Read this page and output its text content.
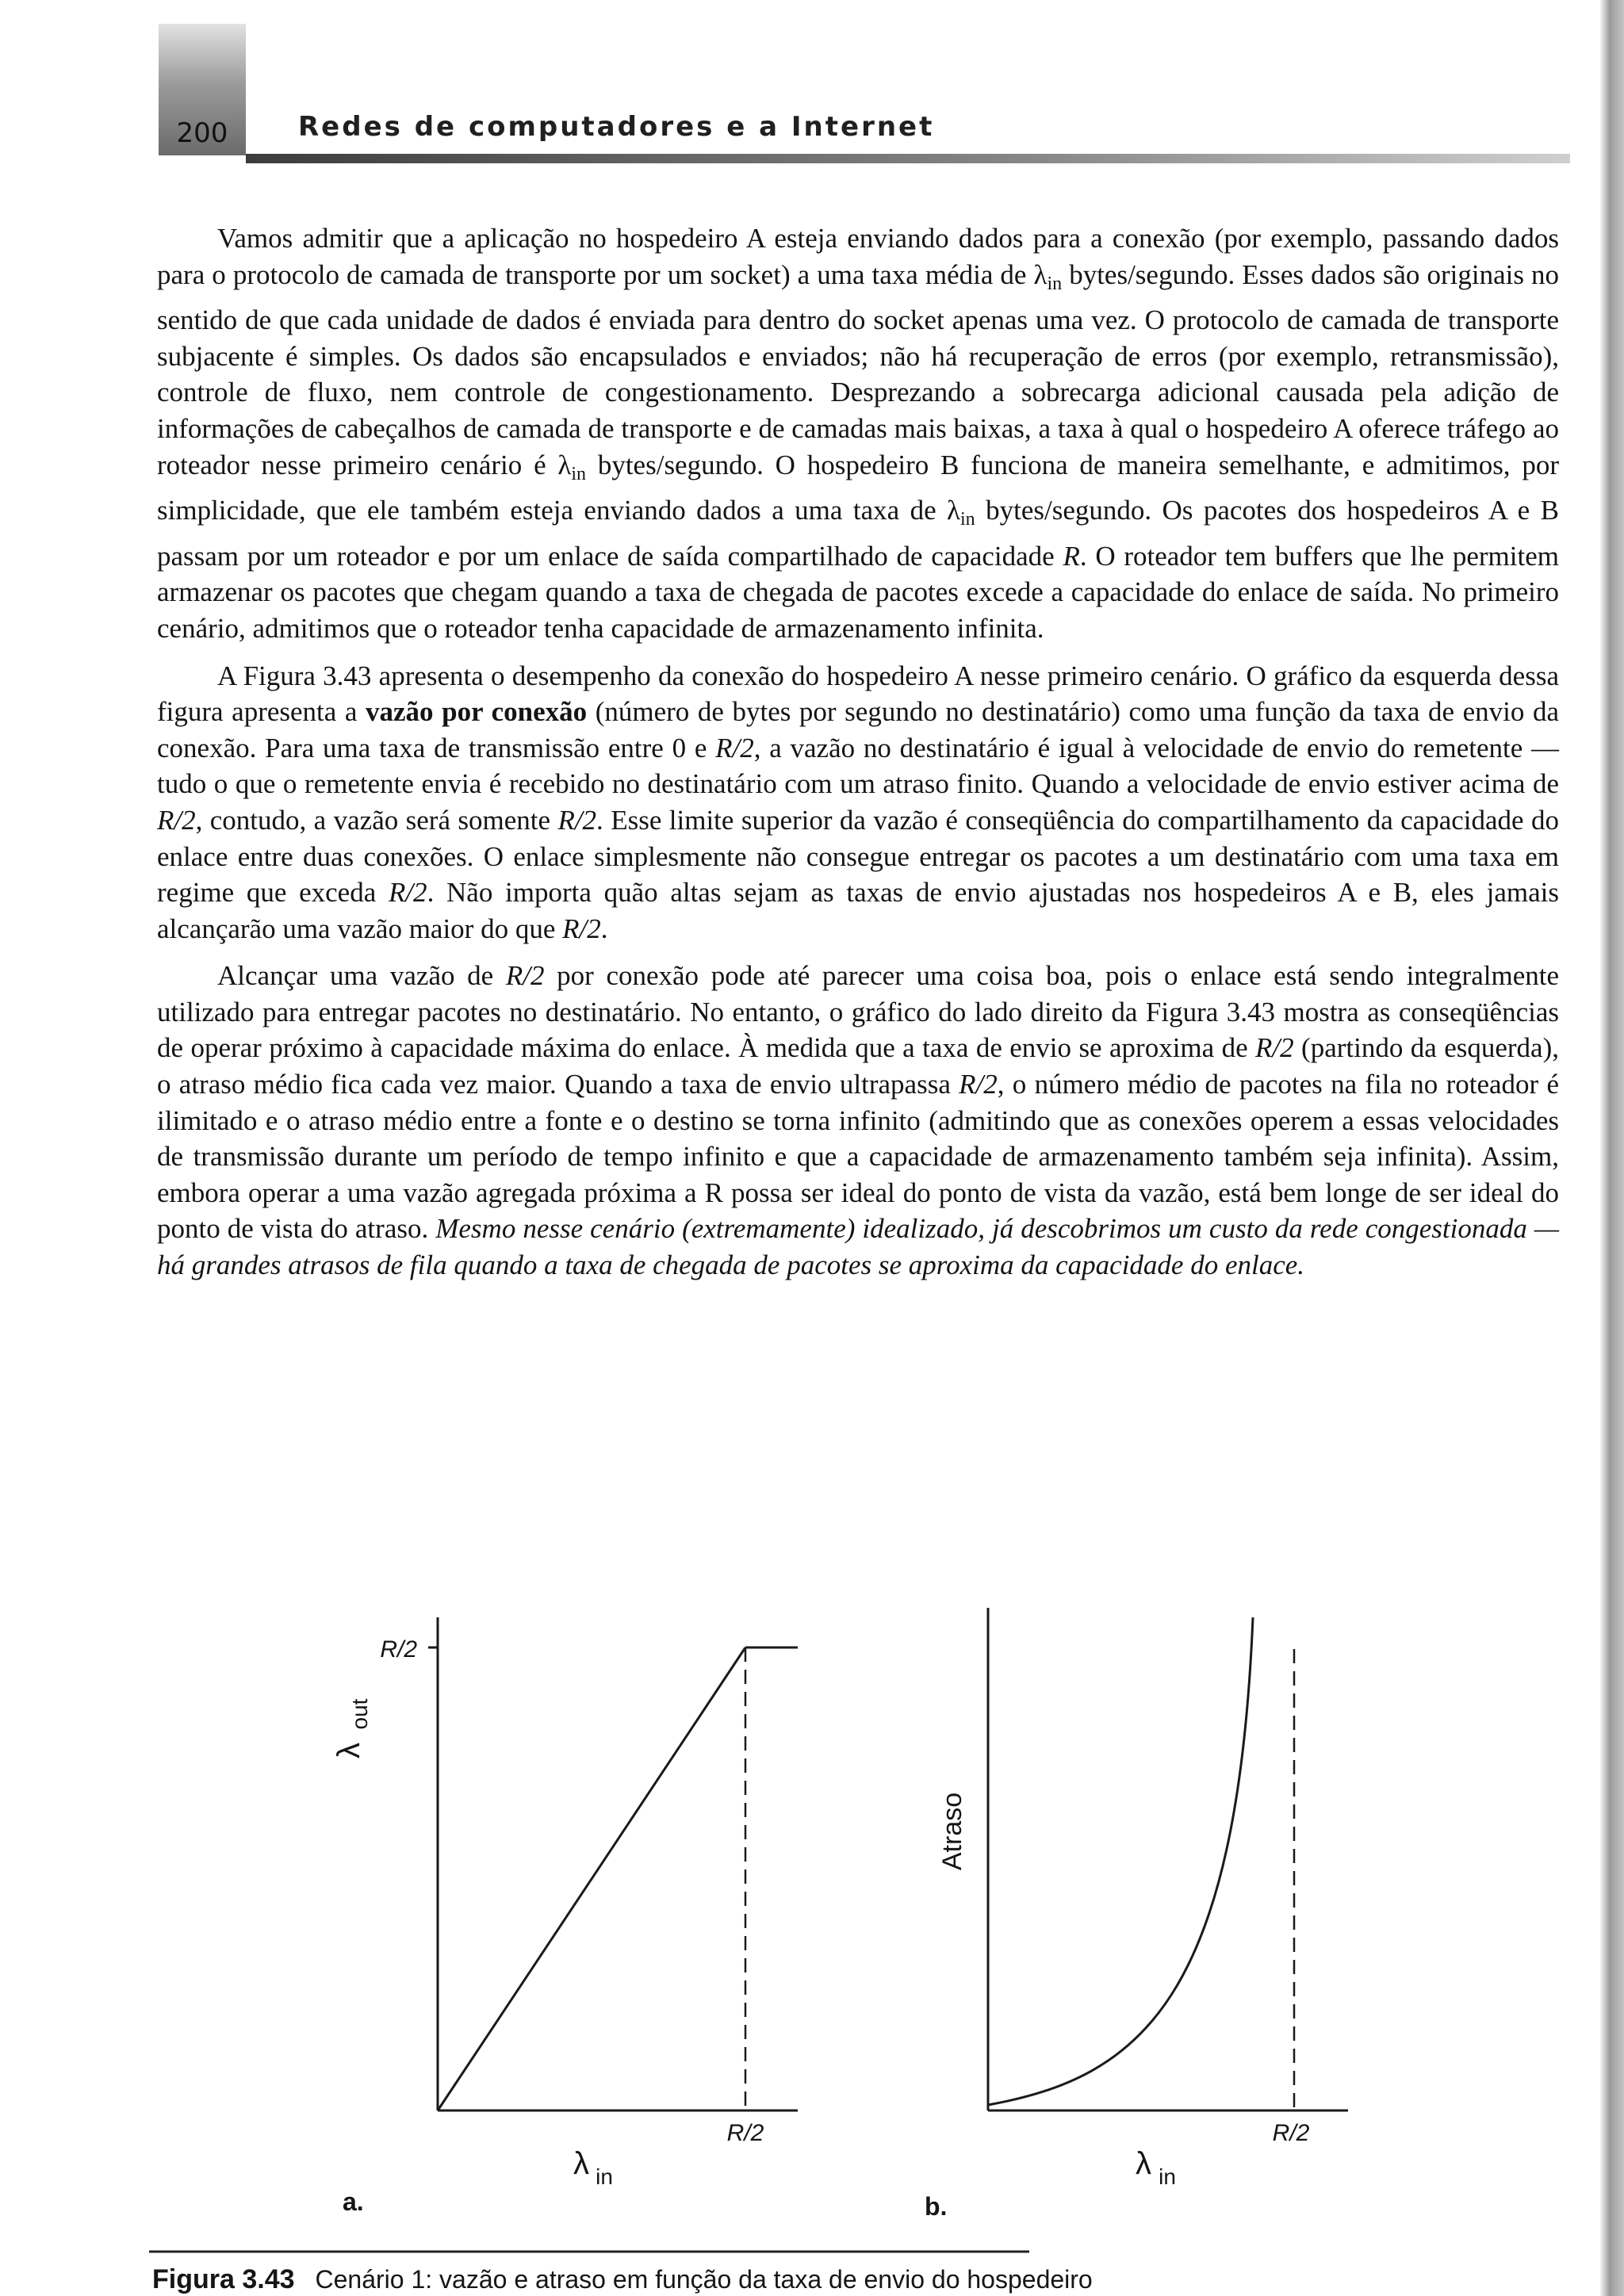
200	Redes de computadores e a Internet

Vamos admitir que a aplicação no hospedeiro A esteja enviando dados para a conexão (por exemplo, passando dados para o protocolo de camada de transporte por um socket) a uma taxa média de $\lambda_{in}$ bytes/segundo. Esses dados são originais no sentido de que cada unidade de dados é enviada para dentro do socket apenas uma vez. O protocolo de camada de transporte subjacente é simples. Os dados são encapsulados e enviados; não há recuperação de erros (por exemplo, retransmissão), controle de fluxo, nem controle de congestionamento. Desprezando a sobrecarga adicional causada pela adição de informações de cabeçalhos de camada de transporte e de camadas mais baixas, a taxa à qual o hospedeiro A oferece tráfego ao roteador nesse primeiro cenário é $\lambda_{in}$ bytes/segundo. O hospedeiro B funciona de maneira semelhante, e admitimos, por simplicidade, que ele também esteja enviando dados a uma taxa de $\lambda_{in}$ bytes/segundo. Os pacotes dos hospedeiros A e B passam por um roteador e por um enlace de saída compartilhado de capacidade R. O roteador tem buffers que lhe permitem armazenar os pacotes que chegam quando a taxa de chegada de pacotes excede a capacidade do enlace de saída. No primeiro cenário, admitimos que o roteador tenha capacidade de armazenamento infinita.

A Figura 3.43 apresenta o desempenho da conexão do hospedeiro A nesse primeiro cenário. O gráfico da esquerda dessa figura apresenta a vazão por conexão (número de bytes por segundo no destinatário) como uma função da taxa de envio da conexão. Para uma taxa de transmissão entre 0 e R/2, a vazão no destinatário é igual à velocidade de envio do remetente — tudo o que o remetente envia é recebido no destinatário com um atraso finito. Quando a velocidade de envio estiver acima de R/2, contudo, a vazão será somente R/2. Esse limite superior da vazão é conseqüência do compartilhamento da capacidade do enlace entre duas conexões. O enlace simplesmente não consegue entregar os pacotes a um destinatário com uma taxa em regime que exceda R/2. Não importa quão altas sejam as taxas de envio ajustadas nos hospedeiros A e B, eles jamais alcançarão uma vazão maior do que R/2.

Alcançar uma vazão de R/2 por conexão pode até parecer uma coisa boa, pois o enlace está sendo integralmente utilizado para entregar pacotes no destinatário. No entanto, o gráfico do lado direito da Figura 3.43 mostra as conseqüências de operar próximo à capacidade máxima do enlace. À medida que a taxa de envio se aproxima de R/2 (partindo da esquerda), o atraso médio fica cada vez maior. Quando a taxa de envio ultrapassa R/2, o número médio de pacotes na fila no roteador é ilimitado e o atraso médio entre a fonte e o destino se torna infinito (admitindo que as conexões operem a essas velocidades de transmissão durante um período de tempo infinito e que a capacidade de armazenamento também seja infinita). Assim, embora operar a uma vazão agregada próxima a R possa ser ideal do ponto de vista da vazão, está bem longe de ser ideal do ponto de vista do atraso. Mesmo nesse cenário (extremamente) idealizado, já descobrimos um custo da rede congestionada — há grandes atrasos de fila quando a taxa de chegada de pacotes se aproxima da capacidade do enlace.

R/2
R/2
λ
out
λ in
a.
R/2
Atraso
λ in
b.
Figura 3.43 Cenário 1: vazão e atraso em função da taxa de envio do hospedeiro
